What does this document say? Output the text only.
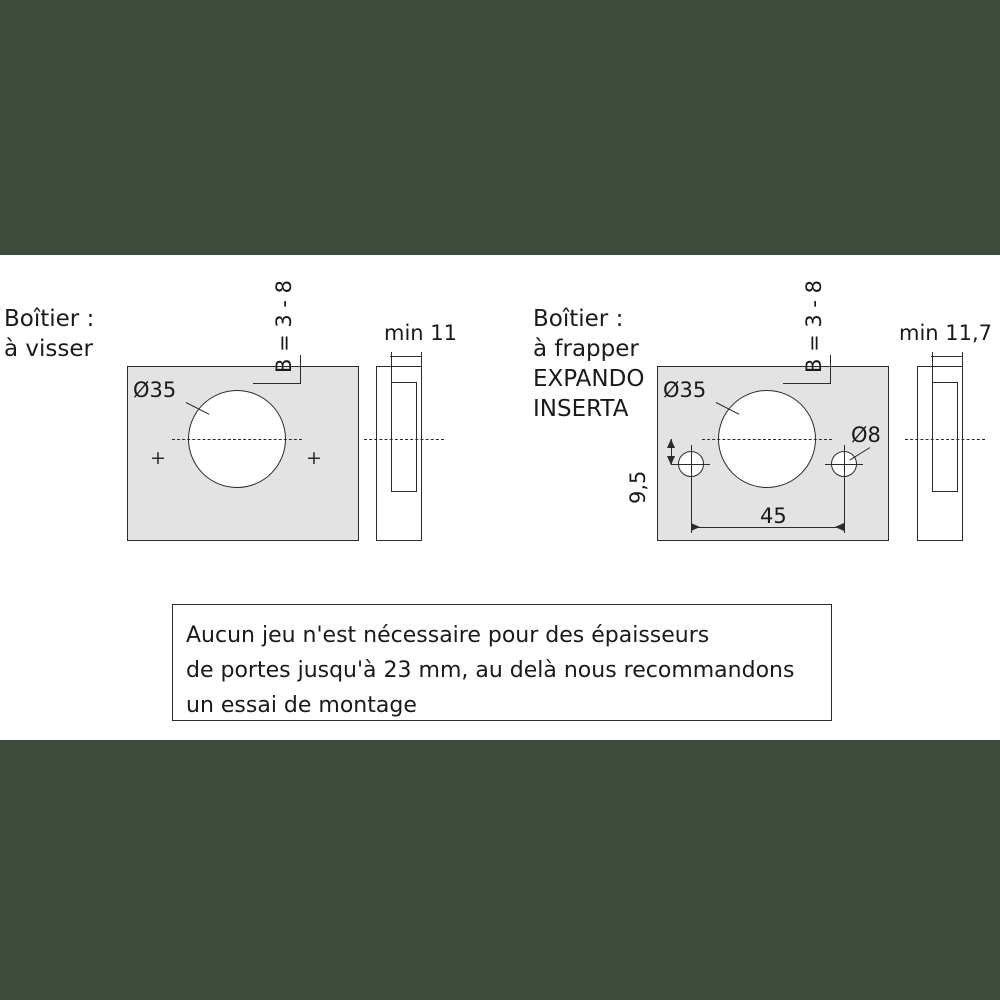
Boîtier :
à visser
Ø35
+	+
B = 3 - 8	min 11
Boîtier :
à frapper
EXPANDO
INSERTA
Ø35
Ø8
9,5
45
B = 3 - 8	min 11,7
Aucun jeu n'est nécessaire pour des épaisseurs
de portes jusqu'à 23 mm, au delà nous recommandons
un essai de montage
